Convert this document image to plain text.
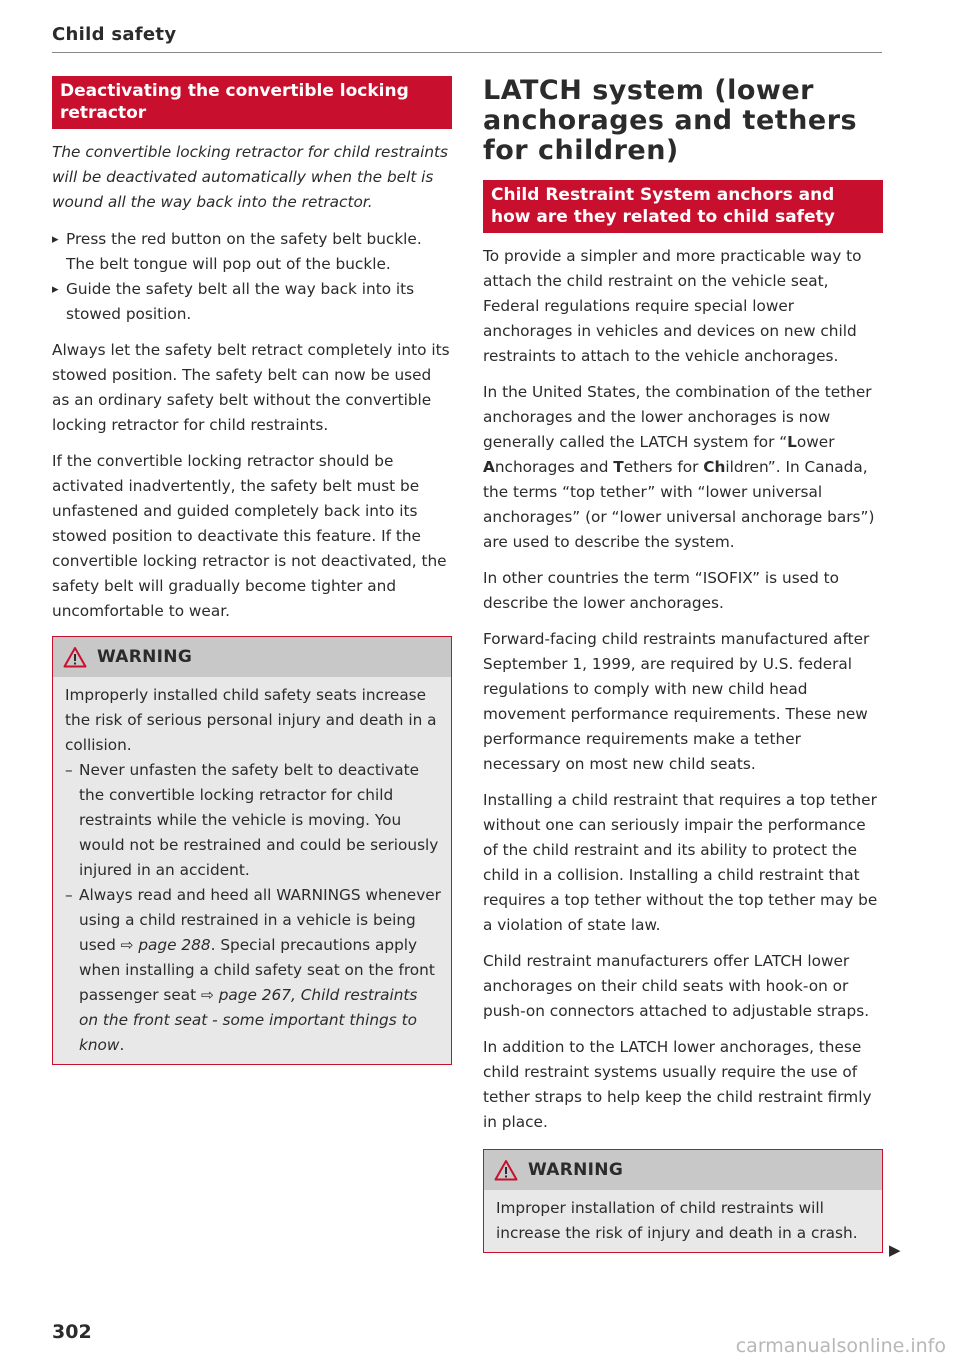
Child safety
Deactivating the convertible locking retractor

The convertible locking retractor for child restraints will be deactivated automatically when the belt is wound all the way back into the retractor.

▸ Press the red button on the safety belt buckle. The belt tongue will pop out of the buckle.
▸ Guide the safety belt all the way back into its stowed position.

Always let the safety belt retract completely into its stowed position. The safety belt can now be used as an ordinary safety belt without the convertible locking retractor for child restraints.

If the convertible locking retractor should be activated inadvertently, the safety belt must be unfastened and guided completely back into its stowed position to deactivate this feature. If the convertible locking retractor is not deactivated, the safety belt will gradually become tighter and uncomfortable to wear.

WARNING

Improperly installed child safety seats increase the risk of serious personal injury and death in a collision.

– Never unfasten the safety belt to deactivate the convertible locking retractor for child restraints while the vehicle is moving. You would not be restrained and could be seriously injured in an accident.
– Always read and heed all WARNINGS whenever using a child restrained in a vehicle is being used ⇨ page 288. Special precautions apply when installing a child safety seat on the front passenger seat ⇨ page 267, Child restraints on the front seat - some important things to know.
LATCH system (lower anchorages and tethers for children)
Child Restraint System anchors and how are they related to child safety

To provide a simpler and more practicable way to attach the child restraint on the vehicle seat, Federal regulations require special lower anchorages in vehicles and devices on new child restraints to attach to the vehicle anchorages.

In the United States, the combination of the tether anchorages and the lower anchorages is now generally called the LATCH system for “Lower Anchorages and Tethers for Children”. In Canada, the terms “top tether” with “lower universal anchorages” (or “lower universal anchorage bars”) are used to describe the system.

In other countries the term “ISOFIX” is used to describe the lower anchorages.

Forward-facing child restraints manufactured after September 1, 1999, are required by U.S. federal regulations to comply with new child head movement performance requirements. These new performance requirements make a tether necessary on most new child seats.

Installing a child restraint that requires a top tether without one can seriously impair the performance of the child restraint and its ability to protect the child in a collision. Installing a child restraint that requires a top tether without the top tether may be a violation of state law.

Child restraint manufacturers offer LATCH lower anchorages on their child seats with hook-on or push-on connectors attached to adjustable straps.

In addition to the LATCH lower anchorages, these child restraint systems usually require the use of tether straps to help keep the child restraint firmly in place.

WARNING

Improper installation of child restraints will increase the risk of injury and death in a crash.

▶
302
carmanualsonline.info
